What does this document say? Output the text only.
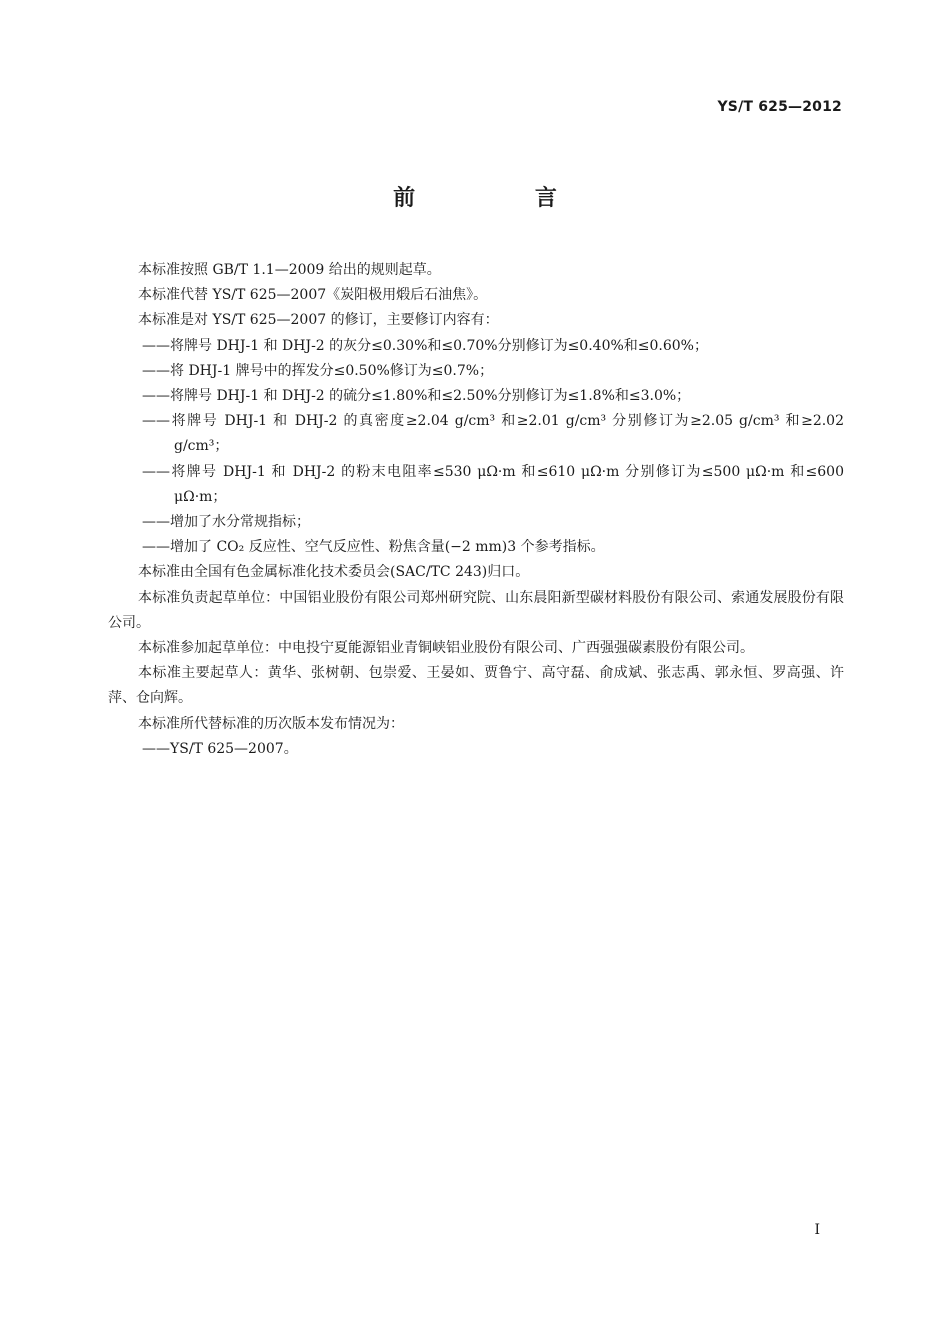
YS/T 625—2012
前 言
本标准按照 GB/T 1.1—2009 给出的规则起草。
本标准代替 YS/T 625—2007《炭阳极用煅后石油焦》。
本标准是对 YS/T 625—2007 的修订，主要修订内容有：
——将牌号 DHJ-1 和 DHJ-2 的灰分≤0.30%和≤0.70%分别修订为≤0.40%和≤0.60%；
——将 DHJ-1 牌号中的挥发分≤0.50%修订为≤0.7%；
——将牌号 DHJ-1 和 DHJ-2 的硫分≤1.80%和≤2.50%分别修订为≤1.8%和≤3.0%；
——将牌号 DHJ-1 和 DHJ-2 的真密度≥2.04 g/cm³ 和≥2.01 g/cm³ 分别修订为≥2.05 g/cm³ 和≥2.02 g/cm³；
——将牌号 DHJ-1 和 DHJ-2 的粉末电阻率≤530 μΩ·m 和≤610 μΩ·m 分别修订为≤500 μΩ·m 和≤600 μΩ·m；
——增加了水分常规指标；
——增加了 CO₂ 反应性、空气反应性、粉焦含量(−2 mm)3 个参考指标。
本标准由全国有色金属标准化技术委员会(SAC/TC 243)归口。
本标准负责起草单位：中国铝业股份有限公司郑州研究院、山东晨阳新型碳材料股份有限公司、索通发展股份有限公司。
本标准参加起草单位：中电投宁夏能源铝业青铜峡铝业股份有限公司、广西强强碳素股份有限公司。
本标准主要起草人：黄华、张树朝、包崇爱、王晏如、贾鲁宁、高守磊、俞成斌、张志禹、郭永恒、罗高强、许萍、仓向辉。
本标准所代替标准的历次版本发布情况为：
——YS/T 625—2007。
I
